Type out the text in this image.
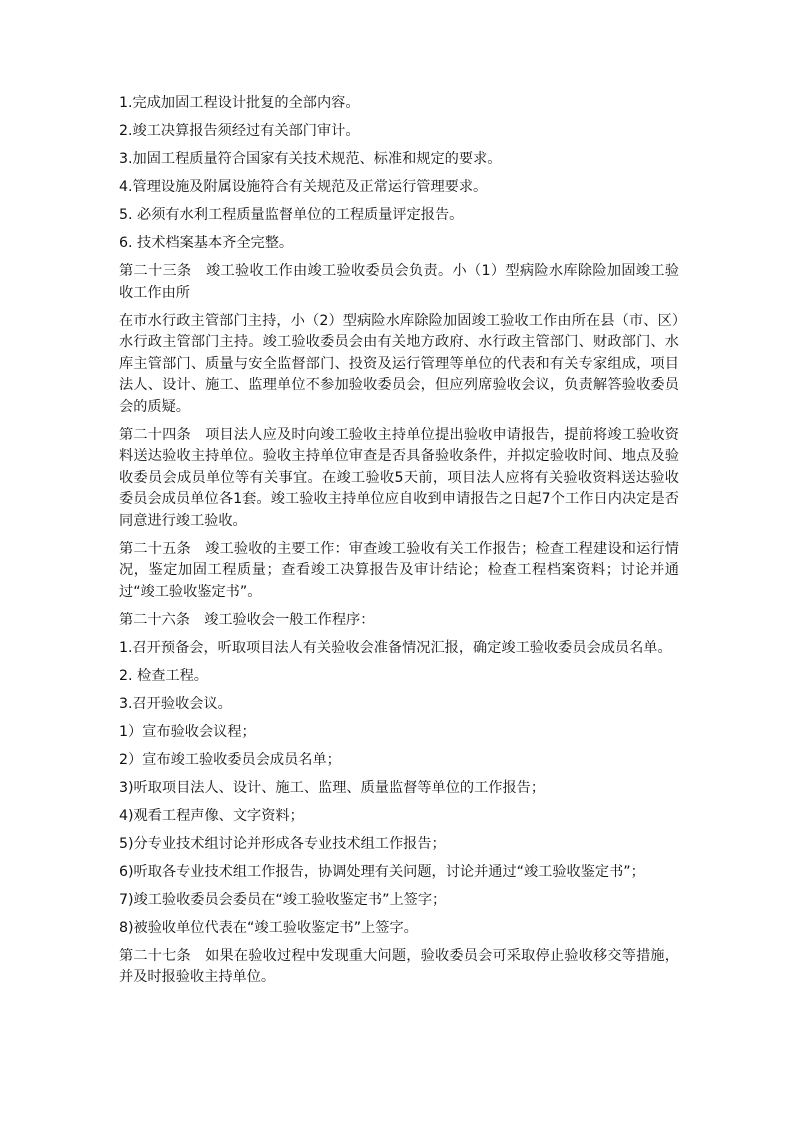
1.完成加固工程设计批复的全部内容。

2.竣工决算报告须经过有关部门审计。

3.加固工程质量符合国家有关技术规范、标准和规定的要求。

4.管理设施及附属设施符合有关规范及正常运行管理要求。

5. 必须有水利工程质量监督单位的工程质量评定报告。

6. 技术档案基本齐全完整。

第二十三条　竣工验收工作由竣工验收委员会负责。小（1）型病险水库除险加固竣工验收工作由所

在市水行政主管部门主持，小（2）型病险水库除险加固竣工验收工作由所在县（市、区）水行政主管部门主持。竣工验收委员会由有关地方政府、水行政主管部门、财政部门、水库主管部门、质量与安全监督部门、投资及运行管理等单位的代表和有关专家组成，项目法人、设计、施工、监理单位不参加验收委员会，但应列席验收会议，负责解答验收委员会的质疑。

第二十四条　项目法人应及时向竣工验收主持单位提出验收申请报告，提前将竣工验收资料送达验收主持单位。验收主持单位审查是否具备验收条件，并拟定验收时间、地点及验收委员会成员单位等有关事宜。在竣工验收5天前，项目法人应将有关验收资料送达验收委员会成员单位各1套。竣工验收主持单位应自收到申请报告之日起7个工作日内决定是否同意进行竣工验收。

第二十五条　竣工验收的主要工作：审查竣工验收有关工作报告；检查工程建设和运行情况，鉴定加固工程质量；查看竣工决算报告及审计结论；检查工程档案资料；讨论并通过“竣工验收鉴定书”。

第二十六条　竣工验收会一般工作程序：

1.召开预备会，听取项目法人有关验收会准备情况汇报，确定竣工验收委员会成员名单。

2. 检查工程。

3.召开验收会议。

1）宣布验收会议程；

2）宣布竣工验收委员会成员名单；

3)听取项目法人、设计、施工、监理、质量监督等单位的工作报告；

4)观看工程声像、文字资料；

5)分专业技术组讨论并形成各专业技术组工作报告；

6)听取各专业技术组工作报告，协调处理有关问题，讨论并通过“竣工验收鉴定书”；

7)竣工验收委员会委员在“竣工验收鉴定书”上签字；

8)被验收单位代表在“竣工验收鉴定书”上签字。

第二十七条　如果在验收过程中发现重大问题，验收委员会可采取停止验收移交等措施，并及时报验收主持单位。
